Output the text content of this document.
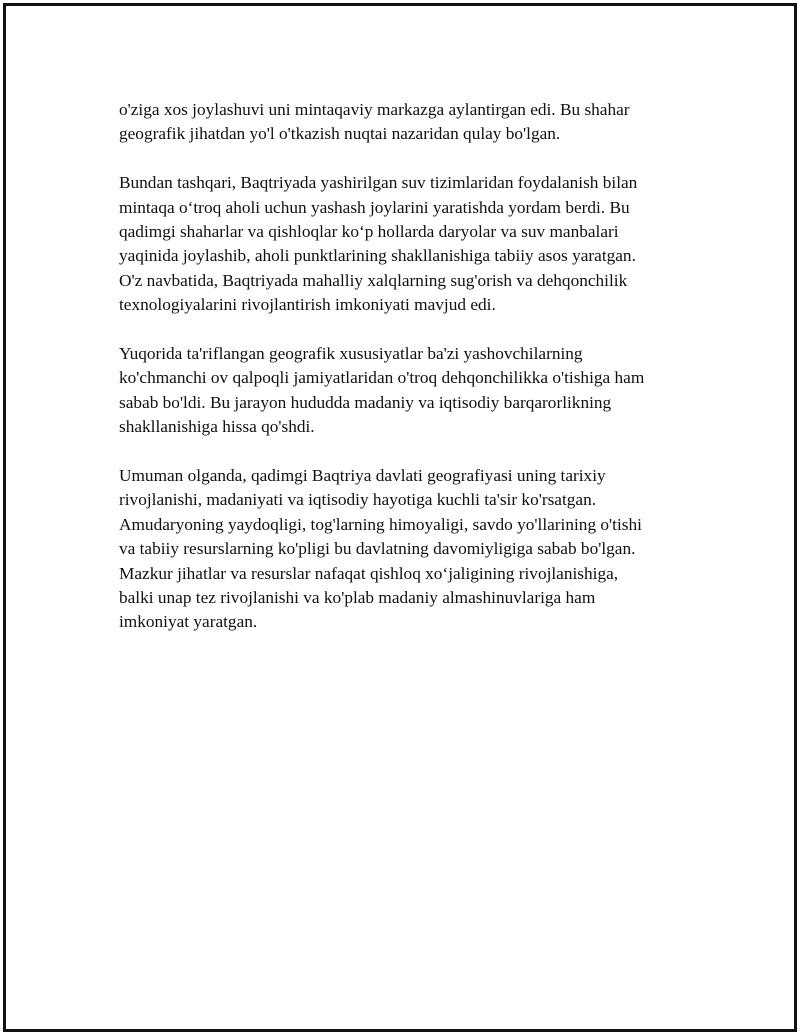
o'ziga xos joylashuvi uni mintaqaviy markazga aylantirgan edi. Bu shahar
geografik jihatdan yo'l o'tkazish nuqtai nazaridan qulay bo'lgan.

Bundan tashqari, Baqtriyada yashirilgan suv tizimlaridan foydalanish bilan
mintaqa o‘troq aholi uchun yashash joylarini yaratishda yordam berdi. Bu
qadimgi shaharlar va qishloqlar ko‘p hollarda daryolar va suv manbalari
yaqinida joylashib, aholi punktlarining shakllanishiga tabiiy asos yaratgan.
O'z navbatida, Baqtriyada mahalliy xalqlarning sug'orish va dehqonchilik
texnologiyalarini rivojlantirish imkoniyati mavjud edi.

Yuqorida ta'riflangan geografik xususiyatlar ba'zi yashovchilarning
ko'chmanchi ov qalpoqli jamiyatlaridan o'troq dehqonchilikka o'tishiga ham
sabab bo'ldi. Bu jarayon hududda madaniy va iqtisodiy barqarorlikning
shakllanishiga hissa qo'shdi.

Umuman olganda, qadimgi Baqtriya davlati geografiyasi uning tarixiy
rivojlanishi, madaniyati va iqtisodiy hayotiga kuchli ta'sir ko'rsatgan.
Amudaryoning yaydoqligi, tog'larning himoyaligi, savdo yo'llarining o'tishi
va tabiiy resurslarning ko'pligi bu davlatning davomiyligiga sabab bo'lgan.
Mazkur jihatlar va resurslar nafaqat qishloq xo‘jaligining rivojlanishiga,
balki unap tez rivojlanishi va ko'plab madaniy almashinuvlariga ham
imkoniyat yaratgan.
